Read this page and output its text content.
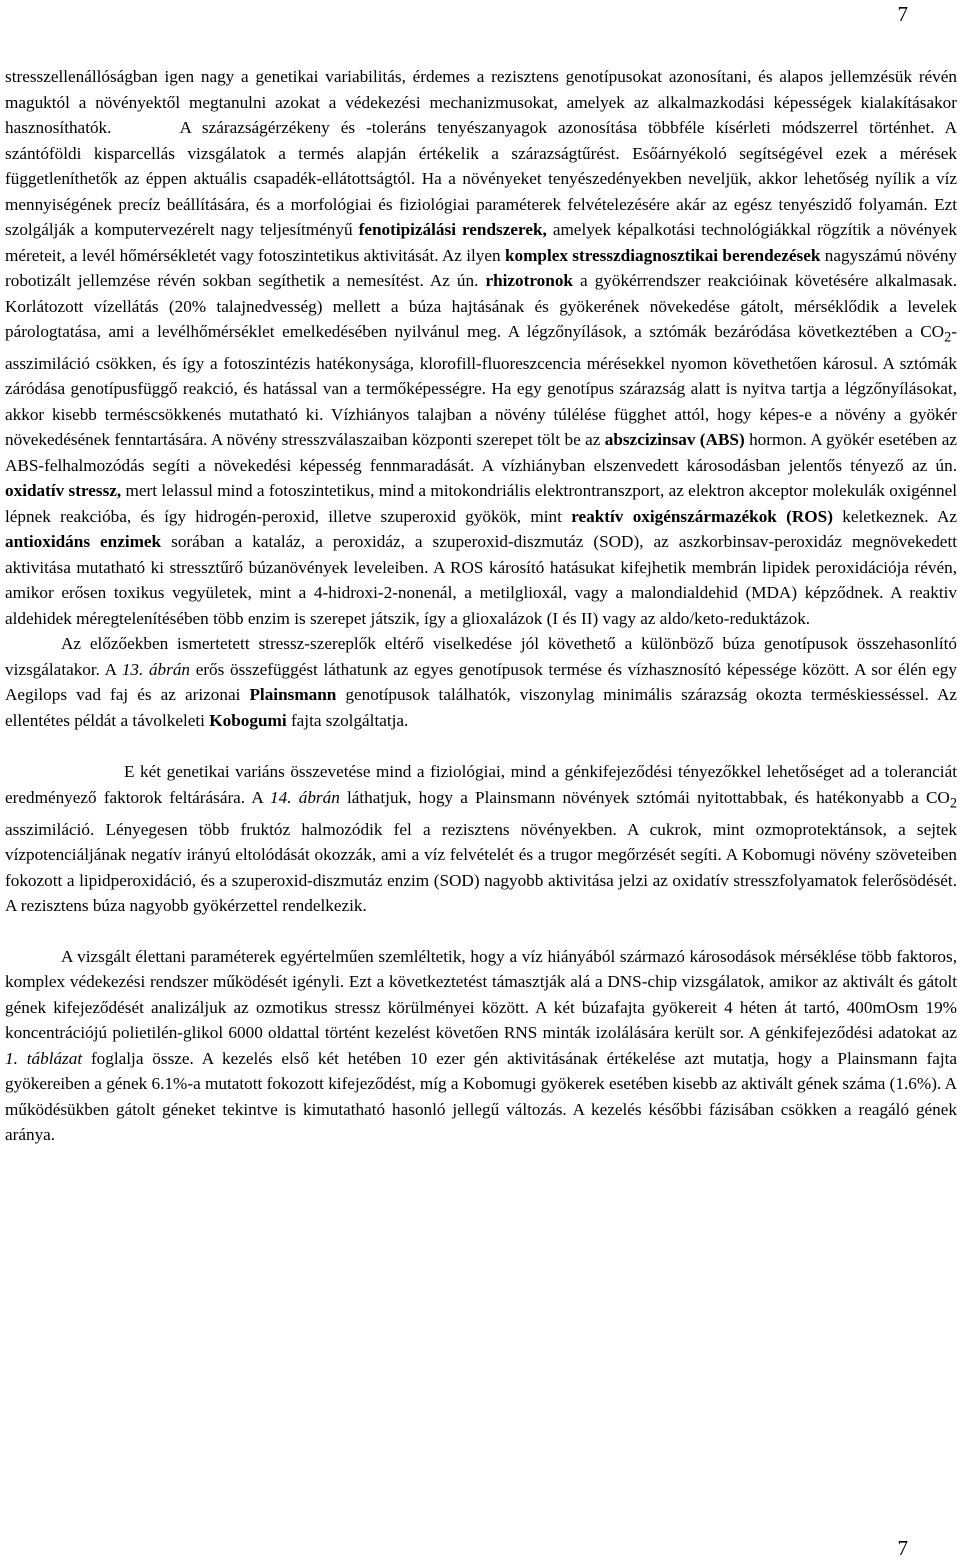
7

stresszellenállóságban igen nagy a genetikai variabilitás, érdemes a rezisztens genotípusokat azonosítani, és alapos jellemzésük révén maguktól a növényektől megtanulni azokat a védekezési mechanizmusokat, amelyek az alkalmazkodási képességek kialakításakor hasznosíthatók.	A szárazságérzékeny és -toleráns tenyészanyagok azonosítása többféle kísérleti módszerrel történhet. A szántóföldi kisparcellás vizsgálatok a termés alapján értékelik a szárazságtűrést. Esőárnyékoló segítségével ezek a mérések függetleníthetők az éppen aktuális csapadék-ellátottságtól. Ha a növényeket tenyészedényekben neveljük, akkor lehetőség nyílik a víz mennyiségének precíz beállítására, és a morfológiai és fiziológiai paraméterek felvételezésére akár az egész tenyészidő folyamán. Ezt szolgálják a komputervezérelt nagy teljesítményű fenotipizálási rendszerek, amelyek képalkotási technológiákkal rögzítik a növények méreteit, a levél hőmérsékletét vagy fotoszintetikus aktivitását. Az ilyen komplex stresszdiagnosztikai berendezések nagyszámú növény robotizált jellemzése révén sokban segíthetik a nemesítést. Az ún. rhizotronok a gyökérrendszer reakcióinak követésére alkalmasak. Korlátozott vízellátás (20% talajnedvesség) mellett a búza hajtásának és gyökerének növekedése gátolt, mérséklődik a levelek párologtatása, ami a levélhőmérséklet emelkedésében nyilvánul meg. A légzőnyílások, a sztómák bezáródása következtében a $CO_2$-asszimiláció csökken, és így a fotoszintézis hatékonysága, klorofill-fluoreszcencia mérésekkel nyomon követhetően károsul. A sztómák záródása genotípusfüggő reakció, és hatással van a termőképességre. Ha egy genotípus szárazság alatt is nyitva tartja a légzőnyílásokat, akkor kisebb terméscsökkenés mutatható ki. Vízhiányos talajban a növény túlélése függhet attól, hogy képes-e a növény a gyökér növekedésének fenntartására. A növény stresszválaszaiban központi szerepet tölt be az abszcizinsav (ABS) hormon. A gyökér esetében az ABS-felhalmozódás segíti a növekedési képesség fennmaradását. A vízhiányban elszenvedett károsodásban jelentős tényező az ún. oxidatív stressz, mert lelassul mind a fotoszintetikus, mind a mitokondriális elektrontranszport, az elektron akceptor molekulák oxigénnel lépnek reakcióba, és így hidrogén-peroxid, illetve szuperoxid gyökök, mint reaktív oxigénszármazékok (ROS) keletkeznek. Az antioxidáns enzimek sorában a kataláz, a peroxidáz, a szuperoxid-diszmutáz (SOD), az aszkorbinsav-peroxidáz megnövekedett aktivitása mutatható ki stressztűrő búzanövények leveleiben. A ROS károsító hatásukat kifejhetik membrán lipidek peroxidációja révén, amikor erősen toxikus vegyületek, mint a 4-hidroxi-2-nonenál, a metilglioxál, vagy a malondialdehid (MDA) képződnek. A reaktiv aldehidek méregtelenítésében több enzim is szerepet játszik, így a glioxalázok (I és II) vagy az aldo/keto-reduktázok.

Az előzőekben ismertetett stressz-szereplők eltérő viselkedése jól követhető a különböző búza genotípusok összehasonlító vizsgálatakor. A 13. ábrán erős összefüggést láthatunk az egyes genotípusok termése és vízhasznosító képessége között. A sor élén egy Aegilops vad faj és az arizonai Plainsmann genotípusok találhatók, viszonylag minimális szárazság okozta terméskiesséssel. Az ellentétes példát a távolkeleti Kobogumi fajta szolgáltatja.

E két genetikai variáns összevetése mind a fiziológiai, mind a génkifejeződési tényezőkkel lehetőséget ad a toleranciát eredményező faktorok feltárására. A 14. ábrán láthatjuk, hogy a Plainsmann növények sztómái nyitottabbak, és hatékonyabb a $CO_2$ asszimiláció. Lényegesen több fruktóz halmozódik fel a rezisztens növényekben. A cukrok, mint ozmoprotektánsok, a sejtek vízpotenciáljának negatív irányú eltolódását okozzák, ami a víz felvételét és a trugor megőrzését segíti. A Kobomugi növény szöveteiben fokozott a lipidperoxidáció, és a szuperoxid-diszmutáz enzim (SOD) nagyobb aktivitása jelzi az oxidatív stresszfolyamatok felerősödését. A rezisztens búza nagyobb gyökérzettel rendelkezik.

A vizsgált élettani paraméterek egyértelműen szemléltetik, hogy a víz hiányából származó károsodások mérséklése több faktoros, komplex védekezési rendszer működését igényli. Ezt a következtetést támasztják alá a DNS-chip vizsgálatok, amikor az aktivált és gátolt gének kifejeződését analizáljuk az ozmotikus stressz körülményei között. A két búzafajta gyökereit 4 héten át tartó, 400mOsm 19% koncentrációjú polietilén-glikol 6000 oldattal történt kezelést követően RNS minták izolálására került sor. A génkifejeződési adatokat az 1. táblázat foglalja össze. A kezelés első két hetében 10 ezer gén aktivitásának értékelése azt mutatja, hogy a Plainsmann fajta gyökereiben a gének 6.1%-a mutatott fokozott kifejeződést, míg a Kobomugi gyökerek esetében kisebb az aktivált gének száma (1.6%). A működésükben gátolt géneket tekintve is kimutatható hasonló jellegű változás. A kezelés későbbi fázisában csökken a reagáló gének aránya.

7
